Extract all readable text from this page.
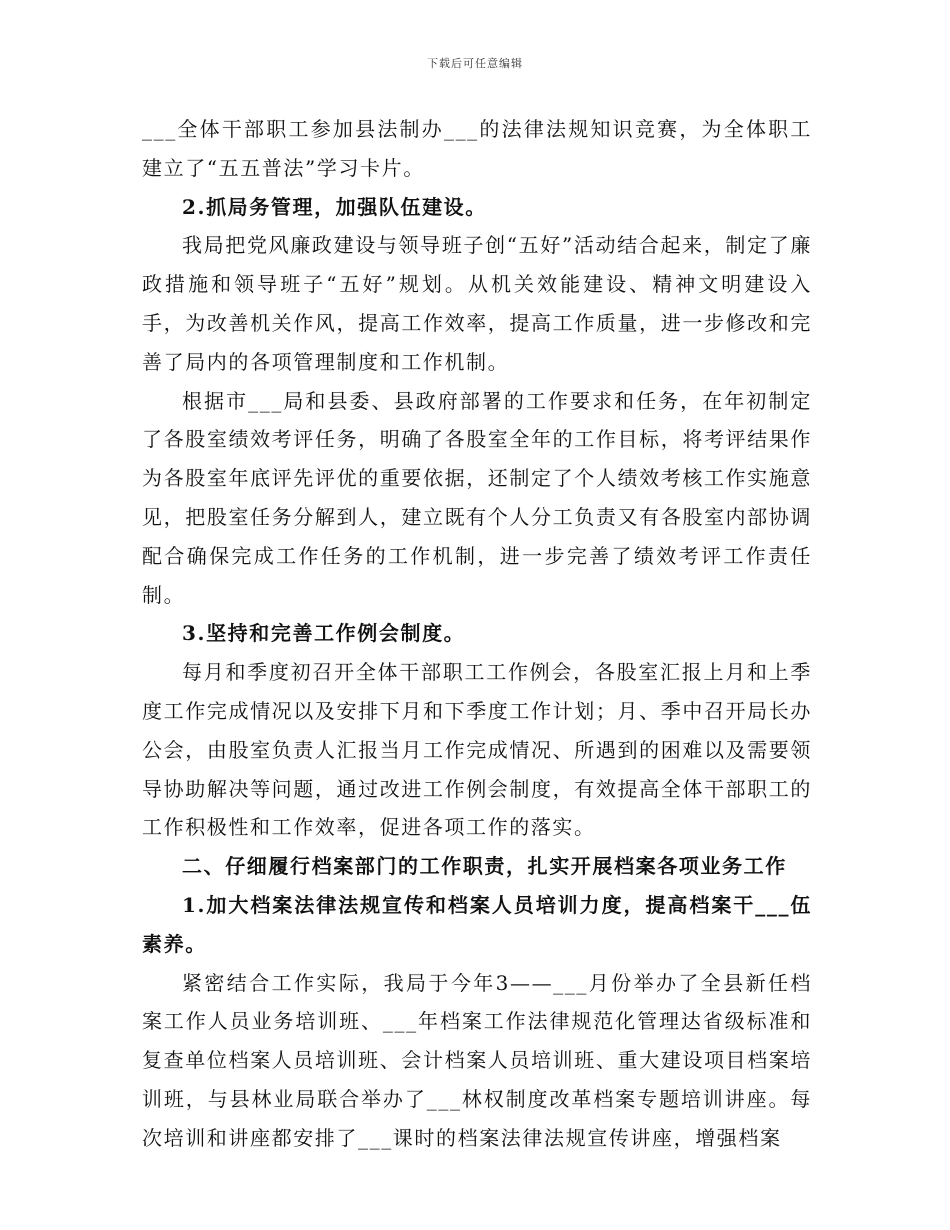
下载后可任意编辑

___全体干部职工参加县法制办___的法律法规知识竞赛，为全体职工建立了“五五普法”学习卡片。

2.抓局务管理，加强队伍建设。

我局把党风廉政建设与领导班子创“五好”活动结合起来，制定了廉政措施和领导班子“五好”规划。从机关效能建设、精神文明建设入手，为改善机关作风，提高工作效率，提高工作质量，进一步修改和完善了局内的各项管理制度和工作机制。

根据市___局和县委、县政府部署的工作要求和任务，在年初制定了各股室绩效考评任务，明确了各股室全年的工作目标，将考评结果作为各股室年底评先评优的重要依据，还制定了个人绩效考核工作实施意见，把股室任务分解到人，建立既有个人分工负责又有各股室内部协调配合确保完成工作任务的工作机制，进一步完善了绩效考评工作责任制。

3.坚持和完善工作例会制度。

每月和季度初召开全体干部职工工作例会，各股室汇报上月和上季度工作完成情况以及安排下月和下季度工作计划；月、季中召开局长办公会，由股室负责人汇报当月工作完成情况、所遇到的困难以及需要领导协助解决等问题，通过改进工作例会制度，有效提高全体干部职工的工作积极性和工作效率，促进各项工作的落实。

二、仔细履行档案部门的工作职责，扎实开展档案各项业务工作

1.加大档案法律法规宣传和档案人员培训力度，提高档案干___伍素养。

紧密结合工作实际，我局于今年3——___月份举办了全县新任档案工作人员业务培训班、___年档案工作法律规范化管理达省级标准和复查单位档案人员培训班、会计档案人员培训班、重大建设项目档案培训班，与县林业局联合举办了___林权制度改革档案专题培训讲座。每次培训和讲座都安排了___课时的档案法律法规宣传讲座，增强档案
